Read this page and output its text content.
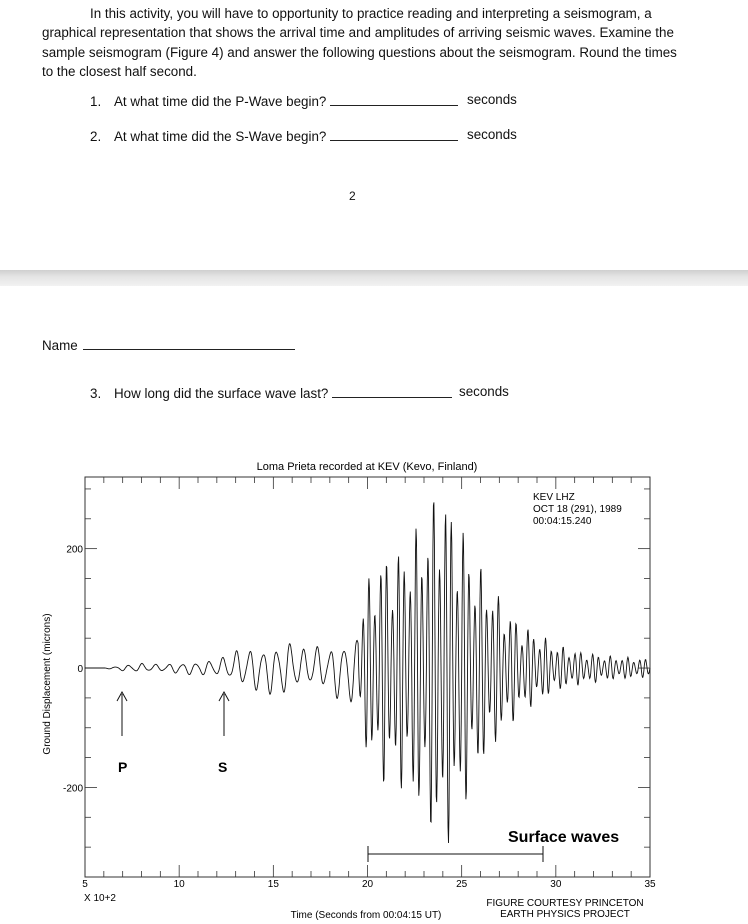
In this activity, you will have to opportunity to practice reading and interpreting a seismogram, a graphical representation that shows the arrival time and amplitudes of arriving seismic waves. Examine the sample seismogram (Figure 4) and answer the following questions about the seismogram. Round the times to the closest half second.

1. At what time did the P-Wave begin?	seconds
2. At what time did the S-Wave begin?	seconds
2
Name
3. How long did the surface wave last?	seconds
Loma Prieta recorded at KEV (Kevo, Finland)
5	10	15	20	25	30	35
200
0
-200
KEV LHZ
OCT 18 (291), 1989
00:04:15.240
P	S
Surface waves
X 10+2
Time (Seconds from 00:04:15 UT)
Ground Displacement (microns)
FIGURE COURTESY PRINCETON
EARTH PHYSICS PROJECT
